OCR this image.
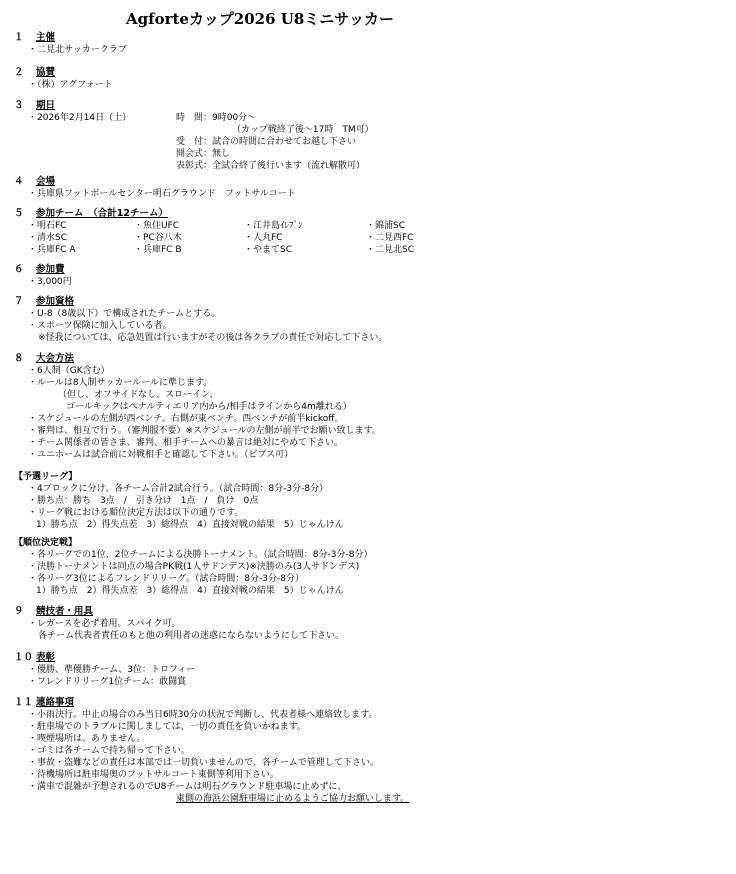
Agforteカップ2026 U8ミニサッカー
１ 主催
・二見北サッカークラブ
２ 協賛
・（株）アグフォート
３ 期日
・2026年2月14日（土）	時　間：9時00分～
（カップ戦終了後～17時　TM可）
受　付：試合の時間に合わせてお越し下さい
開会式：無し
表彰式：全試合終了後行います（流れ解散可）
４ 会場
・兵庫県フットボールセンター明石グラウンド　フットサルコート
５ 参加チーム　（合計12チーム）
・明石FC	・魚住UFC	・江井島ｲﾚﾌﾞﾝ	・錦浦SC
・清水SC	・PC谷八木	・人丸FC	・二見西FC
・兵庫FC A	・兵庫FC B	・やまてSC	・二見北SC
６ 参加費
・3,000円
７ 参加資格
・U-8（8歳以下）で構成されたチームとする。
・スポーツ保険に加入している者。
※怪我については、応急処置は行いますがその後は各クラブの責任で対応して下さい。
８ 大会方法
・6人制（GK含む）
・ルールは8人制サッカールールに準じます。
（但し、オフサイドなし、スローイン、
ゴールキックはペナルティエリア内から/相手はラインから4m離れる）
・スケジュールの左側が西ベンチ、右側が東ベンチ。西ベンチが前半kickoff。
・審判は、相互で行う。（審判服不要）※スケジュールの左側が前半でお願い致します。
・チーム関係者の皆さま、審判、相手チームへの暴言は絶対にやめて下さい。
・ユニホームは試合前に対戦相手と確認して下さい。（ビブス可）
【予選リーグ】
・4ブロックに分け、各チーム合計2試合行う。（試合時間：8分-3分-8分）
・勝ち点：勝ち　3点　/　引き分け　1点　/　負け　0点
・リーグ戦における順位決定方法は以下の通りです。
1）勝ち点　2）得失点差　3）総得点　4）直接対戦の結果　5）じゃんけん
【順位決定戦】
・各リーグでの1位、2位チームによる決勝トーナメント。（試合時間：8分-3分-8分）
・決勝トーナメントは同点の場合PK戦(1人サドンデス)※決勝のみ(3人サドンデス)
・各リーグ3位によるフレンドリリーグ。（試合時間：8分-3分-8分）
1）勝ち点　2）得失点差　3）総得点　4）直接対戦の結果　5）じゃんけん
９ 競技者・用具
・レガースを必ず着用。スパイク可。
各チーム代表者責任のもと他の利用者の迷惑にならないようにして下さい。
１０ 表彰
・優勝、準優勝チーム、3位：トロフィー
・フレンドリリーグ1位チーム：敢闘賞
１１ 連絡事項
・小雨決行。中止の場合のみ当日6時30分の状況で判断し、代表者様へ連絡致します。
・駐車場でのトラブルに関しましては、一切の責任を負いかねます。
・喫煙場所は、ありません。
・ゴミは各チームで持ち帰って下さい。
・事故・盗難などの責任は本部では一切負いませんので、各チームで管理して下さい。
・待機場所は駐車場奥のフットサルコート東側等利用下さい。
・満車で混雑が予想されるのでU8チームは明石グラウンド駐車場に止めずに、
東側の海浜公園駐車場に止めるようご協力お願いします。
